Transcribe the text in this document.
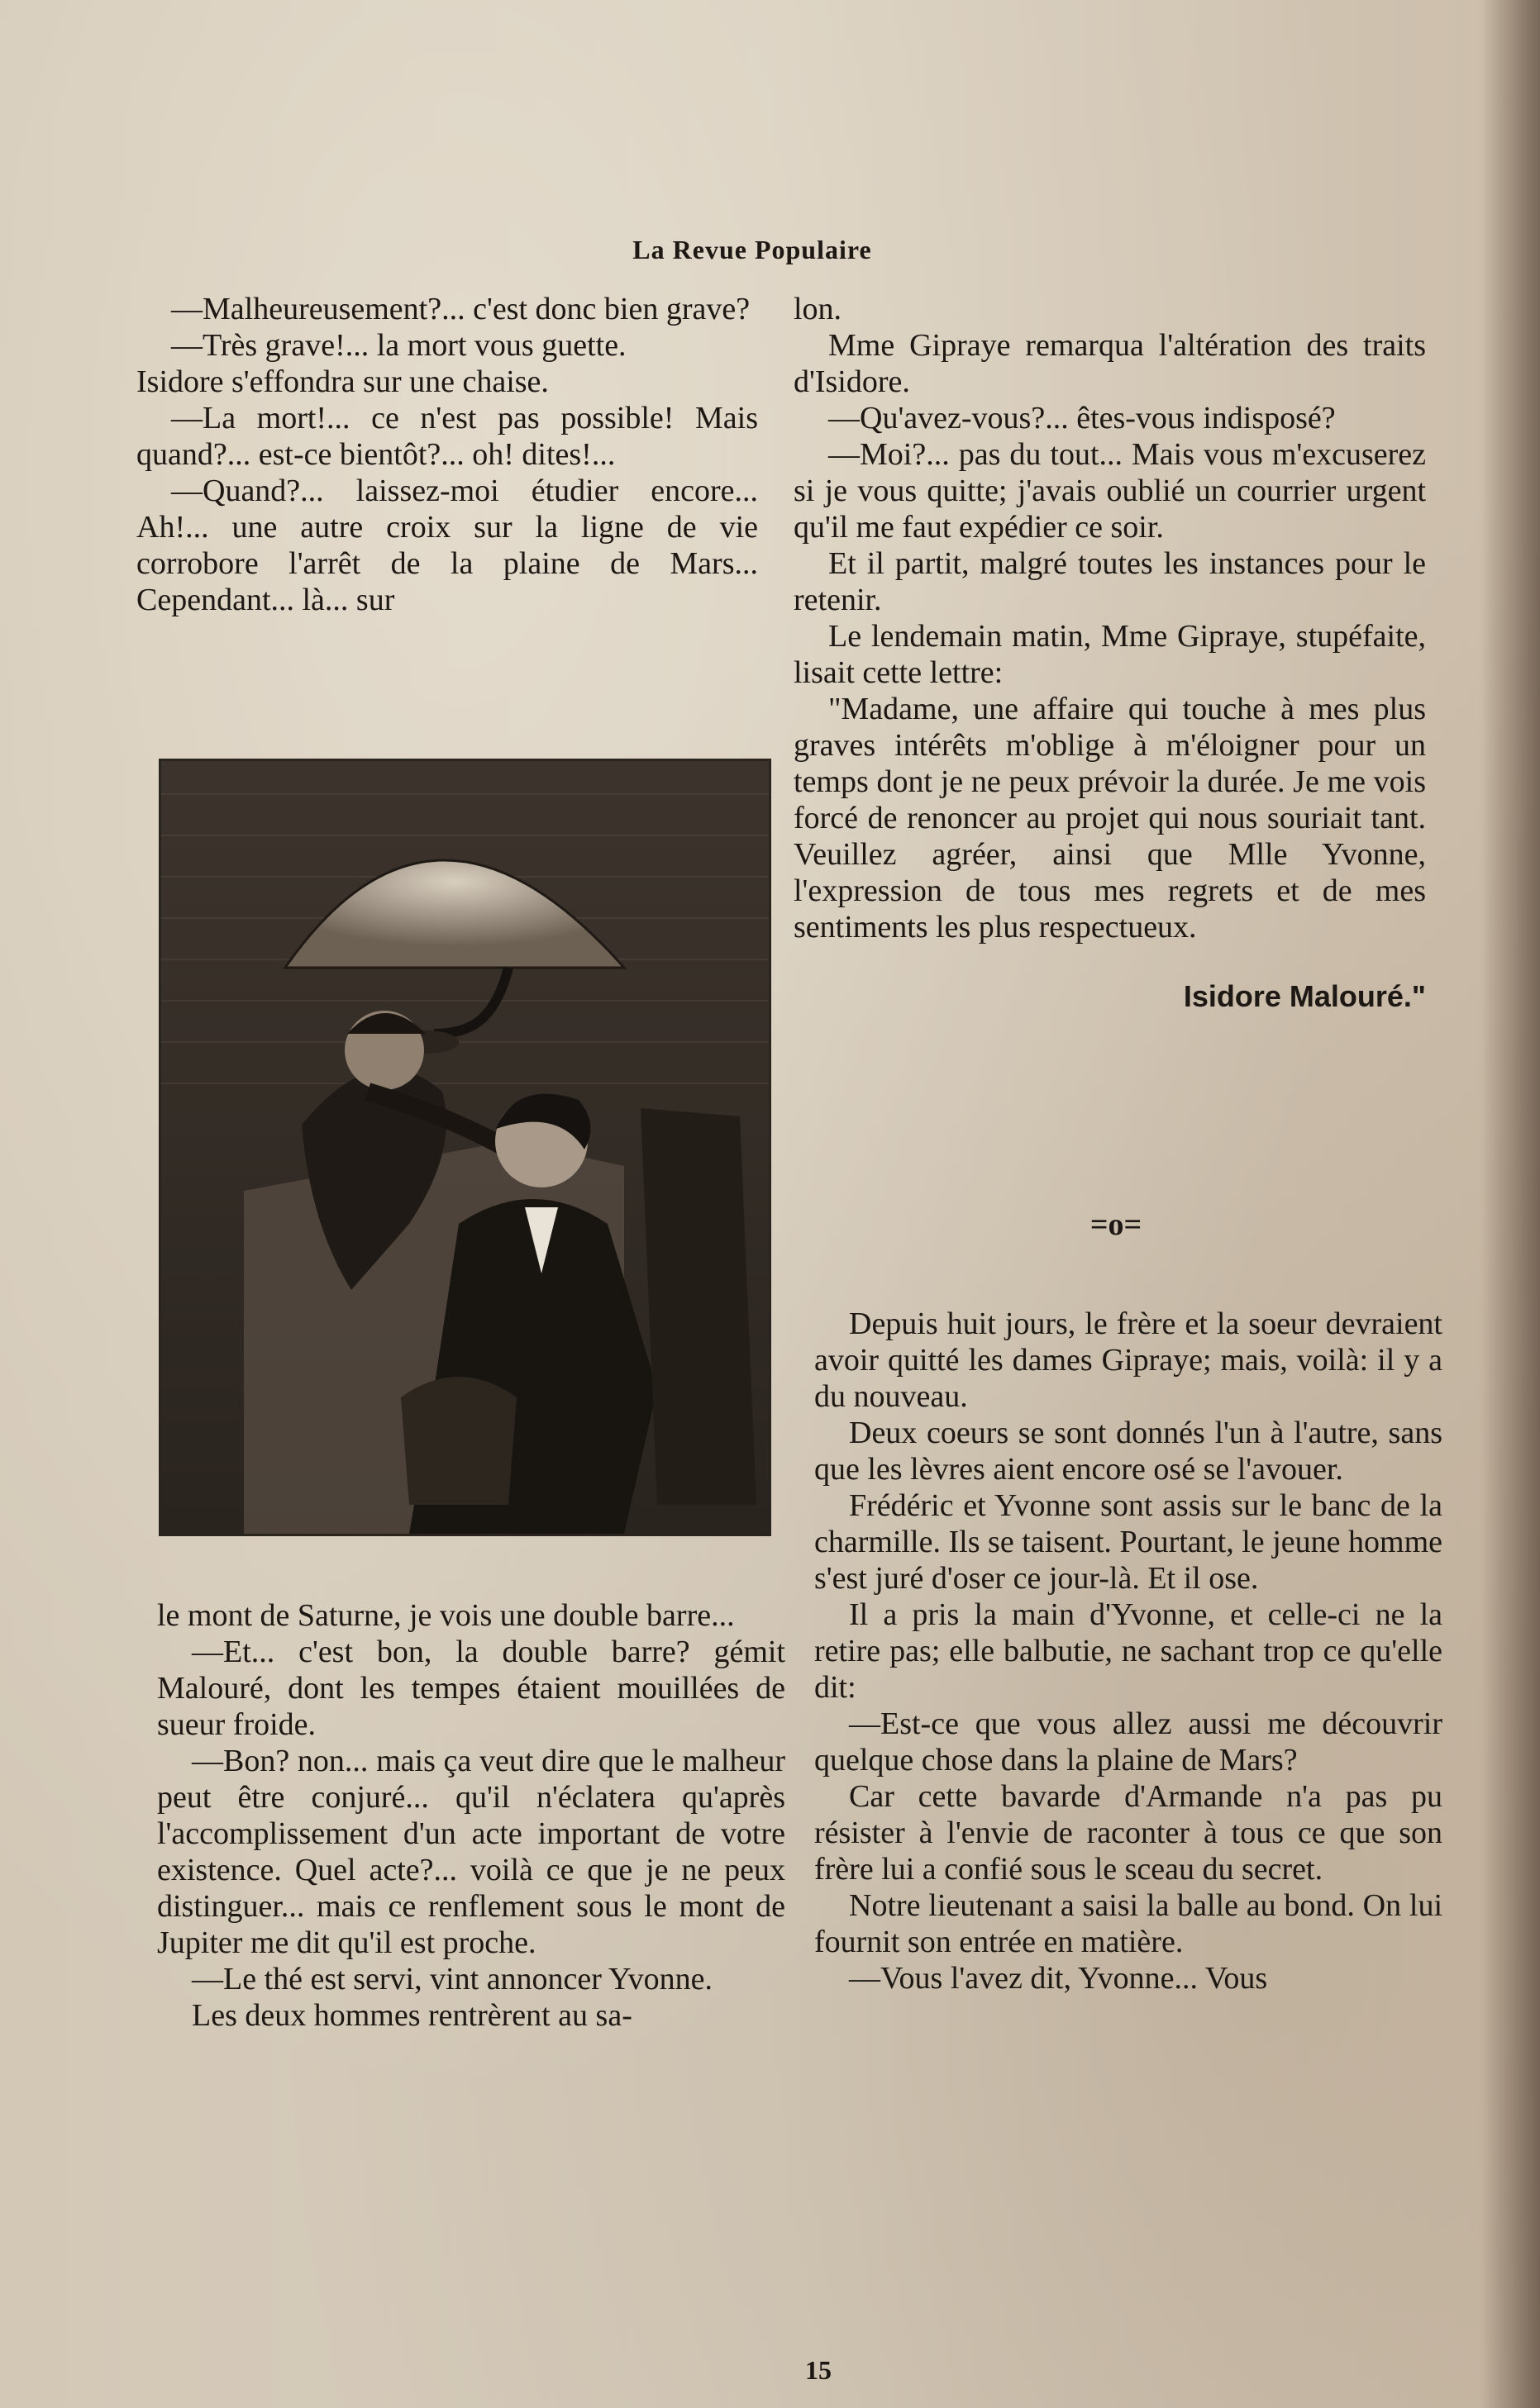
La Revue Populaire

—Malheureusement?... c'est donc bien grave?

—Très grave!... la mort vous guette.

Isidore s'effondra sur une chaise.

—La mort!... ce n'est pas possible! Mais quand?... est-ce bientôt?... oh! dites!...

—Quand?... laissez-moi étudier encore... Ah!... une autre croix sur la ligne de vie corrobore l'arrêt de la plaine de Mars... Cependant... là... sur

le mont de Saturne, je vois une double barre...

—Et... c'est bon, la double barre? gémit Malouré, dont les tempes étaient mouillées de sueur froide.

—Bon? non... mais ça veut dire que le malheur peut être conjuré... qu'il n'éclatera qu'après l'accomplissement d'un acte important de votre existence. Quel acte?... voilà ce que je ne peux distinguer... mais ce renflement sous le mont de Jupiter me dit qu'il est proche.

—Le thé est servi, vint annoncer Yvonne.

Les deux hommes rentrèrent au sa-

lon.

Mme Gipraye remarqua l'altération des traits d'Isidore.

—Qu'avez-vous?... êtes-vous indisposé?

—Moi?... pas du tout... Mais vous m'excuserez si je vous quitte; j'avais oublié un courrier urgent qu'il me faut expédier ce soir.

Et il partit, malgré toutes les instances pour le retenir.

Le lendemain matin, Mme Gipraye, stupéfaite, lisait cette lettre:

"Madame, une affaire qui touche à mes plus graves intérêts m'oblige à m'éloigner pour un temps dont je ne peux prévoir la durée. Je me vois forcé de renoncer au projet qui nous souriait tant. Veuillez agréer, ainsi que Mlle Yvonne, l'expression de tous mes regrets et de mes sentiments les plus respectueux.

Isidore Malouré."

=o=

Depuis huit jours, le frère et la soeur devraient avoir quitté les dames Gipraye; mais, voilà: il y a du nouveau.

Deux coeurs se sont donnés l'un à l'autre, sans que les lèvres aient encore osé se l'avouer.

Frédéric et Yvonne sont assis sur le banc de la charmille. Ils se taisent. Pourtant, le jeune homme s'est juré d'oser ce jour-là. Et il ose.

Il a pris la main d'Yvonne, et celle-ci ne la retire pas; elle balbutie, ne sachant trop ce qu'elle dit:

—Est-ce que vous allez aussi me découvrir quelque chose dans la plaine de Mars?

Car cette bavarde d'Armande n'a pas pu résister à l'envie de raconter à tous ce que son frère lui a confié sous le sceau du secret.

Notre lieutenant a saisi la balle au bond. On lui fournit son entrée en matière.

—Vous l'avez dit, Yvonne... Vous

15
